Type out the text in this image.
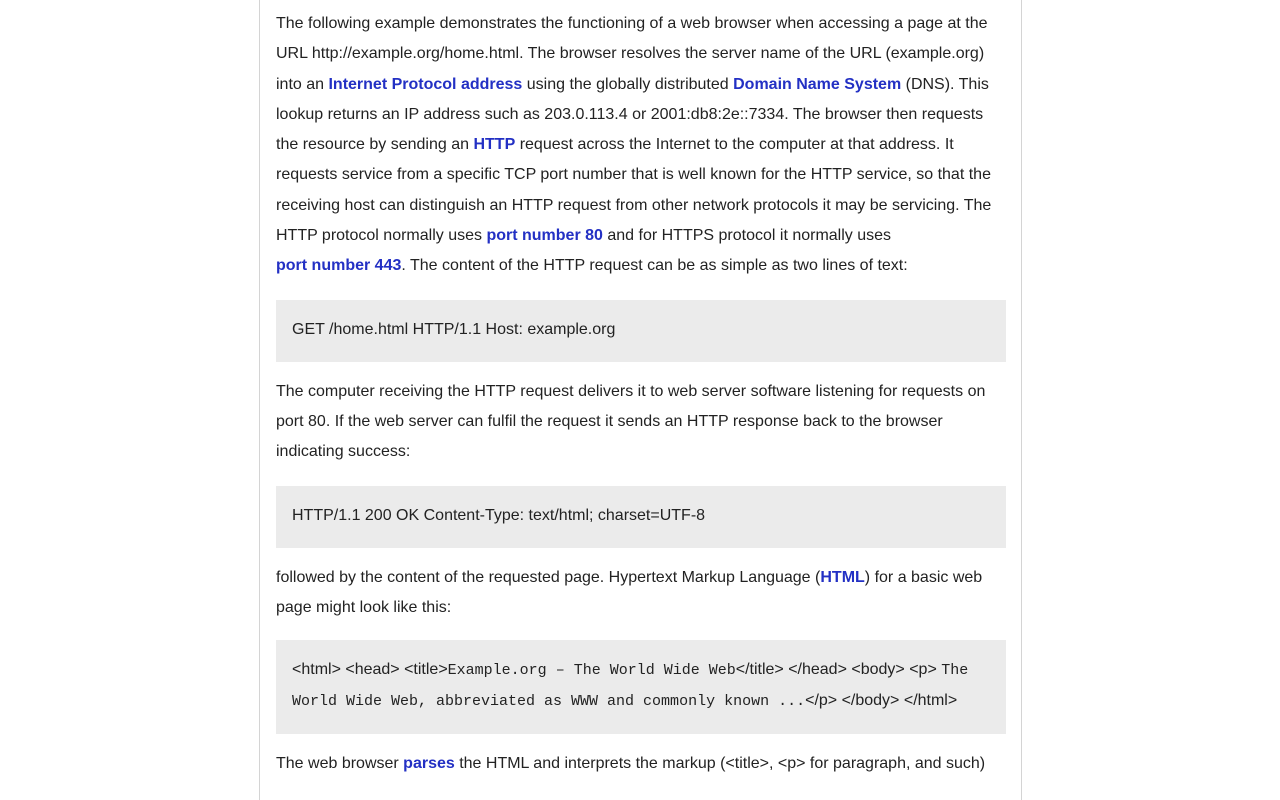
The following example demonstrates the functioning of a web browser when accessing a page at the URL http://example.org/home.html. The browser resolves the server name of the URL (example.org) into an Internet Protocol address using the globally distributed Domain Name System (DNS). This lookup returns an IP address such as 203.0.113.4 or 2001:db8:2e::7334. The browser then requests the resource by sending an HTTP request across the Internet to the computer at that address. It requests service from a specific TCP port number that is well known for the HTTP service, so that the receiving host can distinguish an HTTP request from other network protocols it may be servicing. The HTTP protocol normally uses port number 80 and for HTTPS protocol it normally uses
port number 443. The content of the HTTP request can be as simple as two lines of text:

GET /home.html HTTP/1.1 Host: example.org

The computer receiving the HTTP request delivers it to web server software listening for requests on port 80. If the web server can fulfil the request it sends an HTTP response back to the browser indicating success:

HTTP/1.1 200 OK Content-Type: text/html; charset=UTF-8

followed by the content of the requested page. Hypertext Markup Language (HTML) for a basic web page might look like this:

<html> <head> <title>Example.org – The World Wide Web</title> </head> <body> <p> The World Wide Web, abbreviated as WWW and commonly known ...</p> </body> </html>

The web browser parses the HTML and interprets the markup (<title>, <p> for paragraph, and such)
